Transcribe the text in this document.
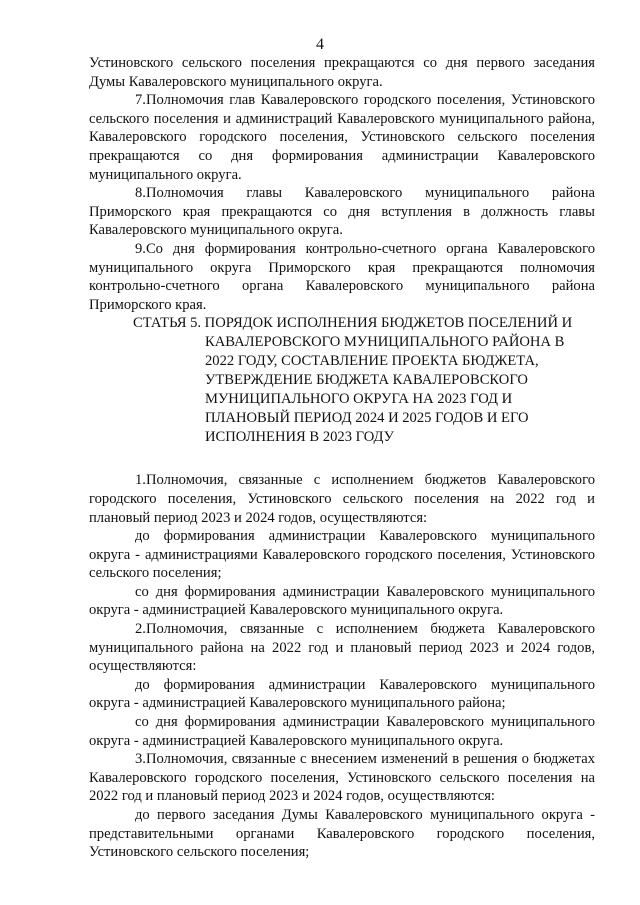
4

Устиновского сельского поселения прекращаются со дня первого заседания Думы Кавалеровского муниципального округа.

7.Полномочия глав Кавалеровского городского поселения, Устиновского сельского поселения и администраций Кавалеровского муниципального района, Кавалеровского городского поселения, Устиновского сельского поселения прекращаются со дня формирования администрации Кавалеровского муниципального округа.

8.Полномочия главы Кавалеровского муниципального района Приморского края прекращаются со дня вступления в должность главы Кавалеровского муниципального округа.

9.Со дня формирования контрольно-счетного органа Кавалеровского муниципального округа Приморского края прекращаются полномочия контрольно-счетного органа Кавалеровского муниципального района Приморского края.

СТАТЬЯ 5. ПОРЯДОК ИСПОЛНЕНИЯ БЮДЖЕТОВ ПОСЕЛЕНИЙ И КАВАЛЕРОВСКОГО МУНИЦИПАЛЬНОГО РАЙОНА В 2022 ГОДУ, СОСТАВЛЕНИЕ ПРОЕКТА БЮДЖЕТА, УТВЕРЖДЕНИЕ БЮДЖЕТА КАВАЛЕРОВСКОГО МУНИЦИПАЛЬНОГО ОКРУГА НА 2023 ГОД И ПЛАНОВЫЙ ПЕРИОД 2024 И 2025 ГОДОВ И ЕГО ИСПОЛНЕНИЯ В 2023 ГОДУ

1.Полномочия, связанные с исполнением бюджетов Кавалеровского городского поселения, Устиновского сельского поселения на 2022 год и плановый период 2023 и 2024 годов, осуществляются:

до формирования администрации Кавалеровского муниципального округа - администрациями Кавалеровского городского поселения, Устиновского сельского поселения;

со дня формирования администрации Кавалеровского муниципального округа - администрацией Кавалеровского муниципального округа.

2.Полномочия, связанные с исполнением бюджета Кавалеровского муниципального района на 2022 год и плановый период 2023 и 2024 годов, осуществляются:

до формирования администрации Кавалеровского муниципального округа - администрацией Кавалеровского муниципального района;

со дня формирования администрации Кавалеровского муниципального округа - администрацией Кавалеровского муниципального округа.

3.Полномочия, связанные с внесением изменений в решения о бюджетах Кавалеровского городского поселения, Устиновского сельского поселения на 2022 год и плановый период 2023 и 2024 годов, осуществляются:

до первого заседания Думы Кавалеровского муниципального округа - представительными органами Кавалеровского городского поселения, Устиновского сельского поселения;
